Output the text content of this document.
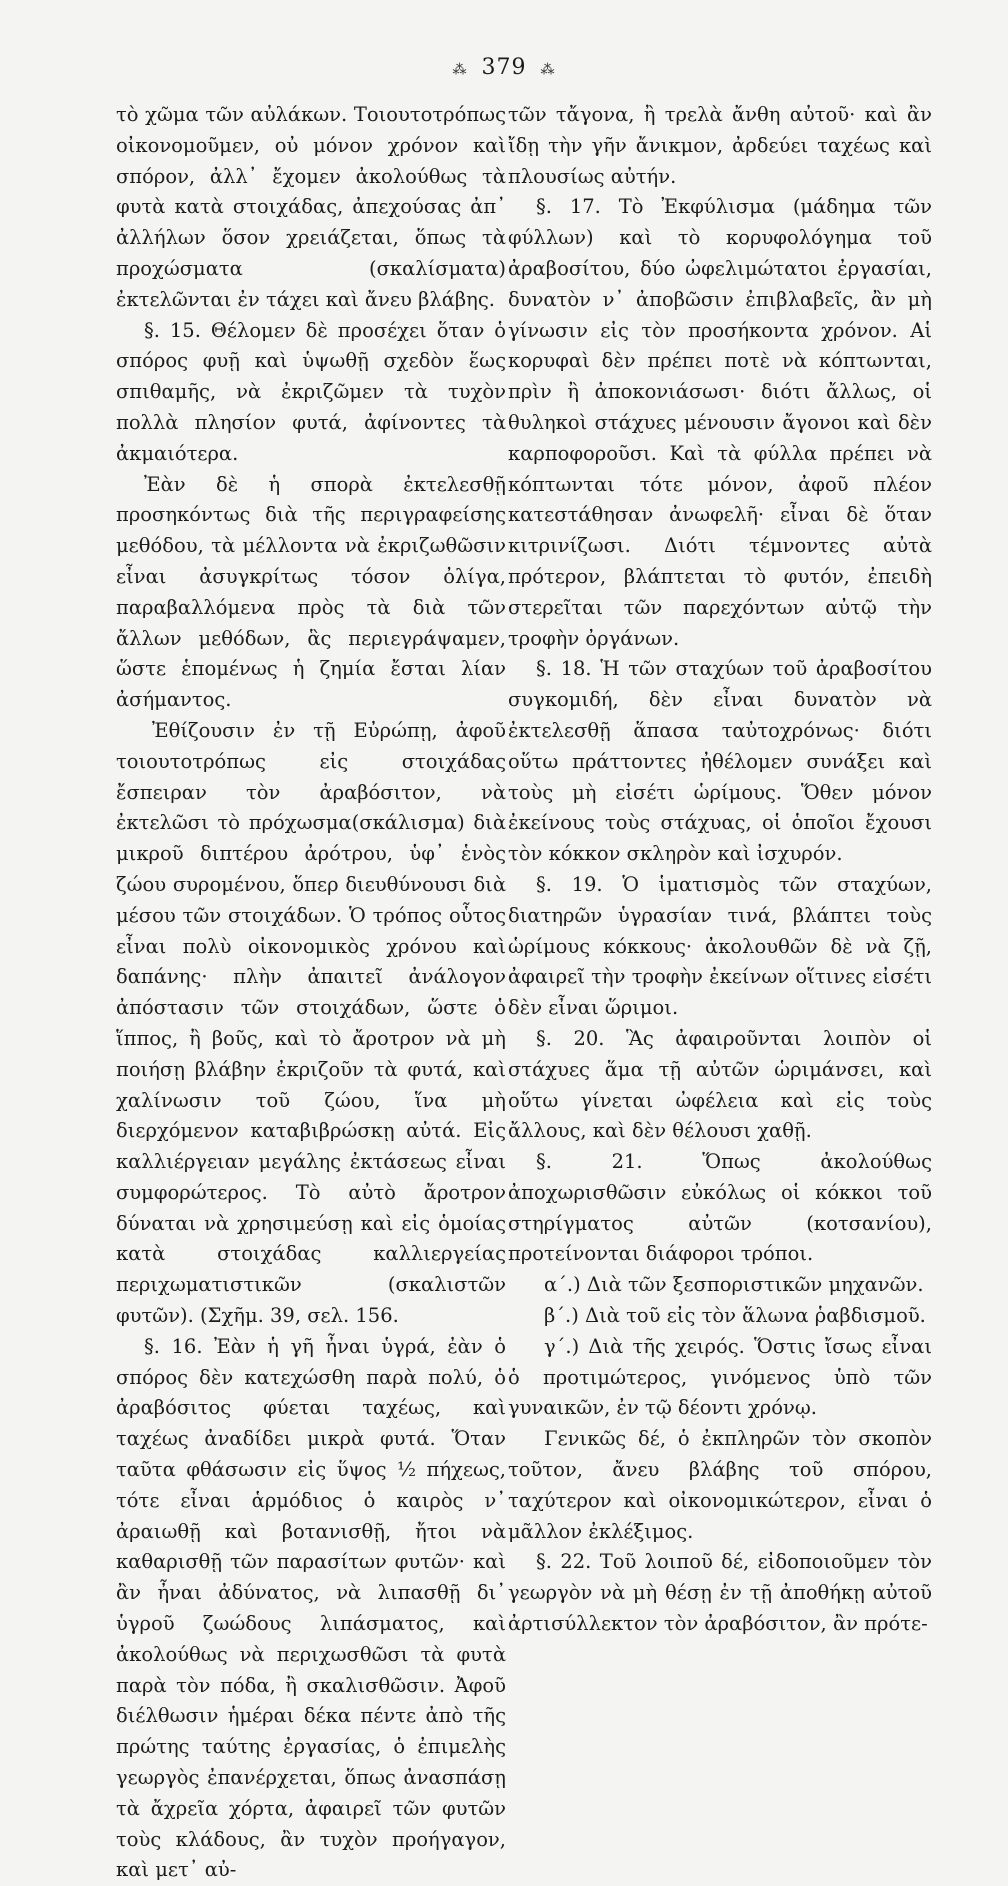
⁂ 379 ⁂

τὸ χῶμα τῶν αὐλάκων. Τοιουτοτρόπως οἰκονομοῦμεν, οὐ μόνον χρόνον καὶ σπόρον, ἀλλ᾽ ἔχομεν ἀκολούθως τὰ φυτὰ κατὰ στοιχάδας, ἀπεχούσας ἀπ᾽ ἀλλήλων ὅσον χρειάζεται, ὅπως τὰ προχώσματα (σκαλίσματα) ἐκτελῶνται ἐν τάχει καὶ ἄνευ βλάβης.

§. 15. Θέλομεν δὲ προσέχει ὅταν ὁ σπόρος φυῇ καὶ ὑψωθῇ σχεδὸν ἕως σπιθαμῆς, νὰ ἐκριζῶμεν τὰ τυχὸν πολλὰ πλησίον φυτά, ἀφίνοντες τὰ ἀκμαιότερα.

Ἐὰν δὲ ἡ σπορὰ ἐκτελεσθῇ προσηκόντως διὰ τῆς περιγραφείσης μεθόδου, τὰ μέλλοντα νὰ ἐκριζωθῶσιν εἶναι ἀσυγκρίτως τόσον ὀλίγα, παραβαλλόμενα πρὸς τὰ διὰ τῶν ἄλλων μεθόδων, ἃς περιεγράψαμεν, ὥστε ἑπομένως ἡ ζημία ἔσται λίαν ἀσήμαντος.

Ἐθίζουσιν ἐν τῇ Εὐρώπῃ, ἀφοῦ τοιουτοτρόπως εἰς στοιχάδας ἔσπειραν τὸν ἀραβόσιτον, νὰ ἐκτελῶσι τὸ πρόχωσμα(σκάλισμα) διὰ μικροῦ διπτέρου ἀρότρου, ὑφ᾽ ἑνὸς ζώου συρομένου, ὅπερ διευθύνουσι διὰ μέσου τῶν στοιχάδων. Ὁ τρόπος οὗτος εἶναι πολὺ οἰκονομικὸς χρόνου καὶ δαπάνης· πλὴν ἀπαιτεῖ ἀνάλογον ἀπόστασιν τῶν στοιχάδων, ὥστε ὁ ἵππος, ἢ βοῦς, καὶ τὸ ἄροτρον νὰ μὴ ποιήσῃ βλάβην ἐκριζοῦν τὰ φυτά, καὶ χαλίνωσιν τοῦ ζώου, ἵνα μὴ διερχόμενον καταβιβρώσκῃ αὐτά. Εἰς καλλιέργειαν μεγάλης ἐκτάσεως εἶναι συμφορώτερος. Τὸ αὐτὸ ἄροτρον δύναται νὰ χρησιμεύσῃ καὶ εἰς ὁμοίας κατὰ στοιχάδας καλλιεργείας περιχωματιστικῶν (σκαλιστῶν φυτῶν). (Σχῆμ. 39, σελ. 156.

§. 16. Ἐὰν ἡ γῆ ἦναι ὑγρά, ἐὰν ὁ σπόρος δὲν κατεχώσθη παρὰ πολύ, ὁ ἀραβόσιτος φύεται ταχέως, καὶ ταχέως ἀναδίδει μικρὰ φυτά. Ὅταν ταῦτα φθάσωσιν εἰς ὕψος ½ πήχεως, τότε εἶναι ἁρμόδιος ὁ καιρὸς ν᾽ ἀραιωθῇ καὶ βοτανισθῇ, ἤτοι νὰ καθαρισθῇ τῶν παρασίτων φυτῶν· καὶ ἂν ἦναι ἀδύνατος, νὰ λιπασθῇ δι᾽ ὑγροῦ ζωώδους λιπάσματος, καὶ ἀκολούθως νὰ περιχωσθῶσι τὰ φυτὰ παρὰ τὸν πόδα, ἢ σκαλισθῶσιν. Ἀφοῦ διέλθωσιν ἡμέραι δέκα πέντε ἀπὸ τῆς πρώτης ταύτης ἐργασίας, ὁ ἐπιμελὴς γεωργὸς ἐπανέρχεται, ὅπως ἀνασπάσῃ τὰ ἄχρεῖα χόρτα, ἀφαιρεῖ τῶν φυτῶν τοὺς κλάδους, ἂν τυχὸν προήγαγον, καὶ μετ᾽ αὐ-

τῶν τἄγονα, ἢ τρελὰ ἄνθη αὐτοῦ· καὶ ἂν ἴδῃ τὴν γῆν ἄνικμον, ἀρδεύει ταχέως καὶ πλουσίως αὐτήν.

§. 17. Τὸ Ἐκφύλισμα (μάδημα τῶν φύλλων) καὶ τὸ κορυφολόγημα τοῦ ἀραβοσίτου, δύο ὠφελιμώτατοι ἐργασίαι, δυνατὸν ν᾽ ἀποβῶσιν ἐπιβλαβεῖς, ἂν μὴ γίνωσιν εἰς τὸν προσήκοντα χρόνον. Αἱ κορυφαὶ δὲν πρέπει ποτὲ νὰ κόπτωνται, πρὶν ἢ ἀποκονιάσωσι· διότι ἄλλως, οἱ θυληκοὶ στάχυες μένουσιν ἄγονοι καὶ δὲν καρποφοροῦσι. Καὶ τὰ φύλλα πρέπει νὰ κόπτωνται τότε μόνον, ἀφοῦ πλέον κατεστάθησαν ἀνωφελῆ· εἶναι δὲ ὅταν κιτρινίζωσι. Διότι τέμνοντες αὐτὰ πρότερον, βλάπτεται τὸ φυτόν, ἐπειδὴ στερεῖται τῶν παρεχόντων αὐτῷ τὴν τροφὴν ὀργάνων.

§. 18. Ἡ τῶν σταχύων τοῦ ἀραβοσίτου συγκομιδή, δὲν εἶναι δυνατὸν νὰ ἐκτελεσθῇ ἅπασα ταὐτοχρόνως· διότι οὕτω πράττοντες ἠθέλομεν συνάξει καὶ τοὺς μὴ εἰσέτι ὡρίμους. Ὅθεν μόνον ἐκείνους τοὺς στάχυας, οἱ ὁποῖοι ἔχουσι τὸν κόκκον σκληρὸν καὶ ἰσχυρόν.

§. 19. Ὁ ἱματισμὸς τῶν σταχύων, διατηρῶν ὑγρασίαν τινά, βλάπτει τοὺς ὡρίμους κόκκους· ἀκολουθῶν δὲ νὰ ζῇ, ἀφαιρεῖ τὴν τροφὴν ἐκείνων οἵτινες εἰσέτι δὲν εἶναι ὥριμοι.

§. 20. Ἃς ἀφαιροῦνται λοιπὸν οἱ στάχυες ἅμα τῇ αὐτῶν ὡριμάνσει, καὶ οὕτω γίνεται ὠφέλεια καὶ εἰς τοὺς ἄλλους, καὶ δὲν θέλουσι χαθῇ.

§. 21. Ὅπως ἀκολούθως ἀποχωρισθῶσιν εὐκόλως οἱ κόκκοι τοῦ στηρίγματος αὐτῶν (κοτσανίου), προτείνονται διάφοροι τρόποι.

α΄.) Διὰ τῶν ξεσποριστικῶν μηχανῶν.

β΄.) Διὰ τοῦ εἰς τὸν ἅλωνα ῥαβδισμοῦ.

γ΄.) Διὰ τῆς χειρός. Ὅστις ἴσως εἶναι ὁ προτιμώτερος, γινόμενος ὑπὸ τῶν γυναικῶν, ἐν τῷ δέοντι χρόνῳ.

Γενικῶς δέ, ὁ ἐκπληρῶν τὸν σκοπὸν τοῦτον, ἄνευ βλάβης τοῦ σπόρου, ταχύτερον καὶ οἰκονομικώτερον, εἶναι ὁ μᾶλλον ἐκλέξιμος.

§. 22. Τοῦ λοιποῦ δέ, εἰδοποιοῦμεν τὸν γεωργὸν νὰ μὴ θέσῃ ἐν τῇ ἀποθήκῃ αὐτοῦ ἀρτισύλλεκτον τὸν ἀραβόσιτον, ἂν πρότε-
